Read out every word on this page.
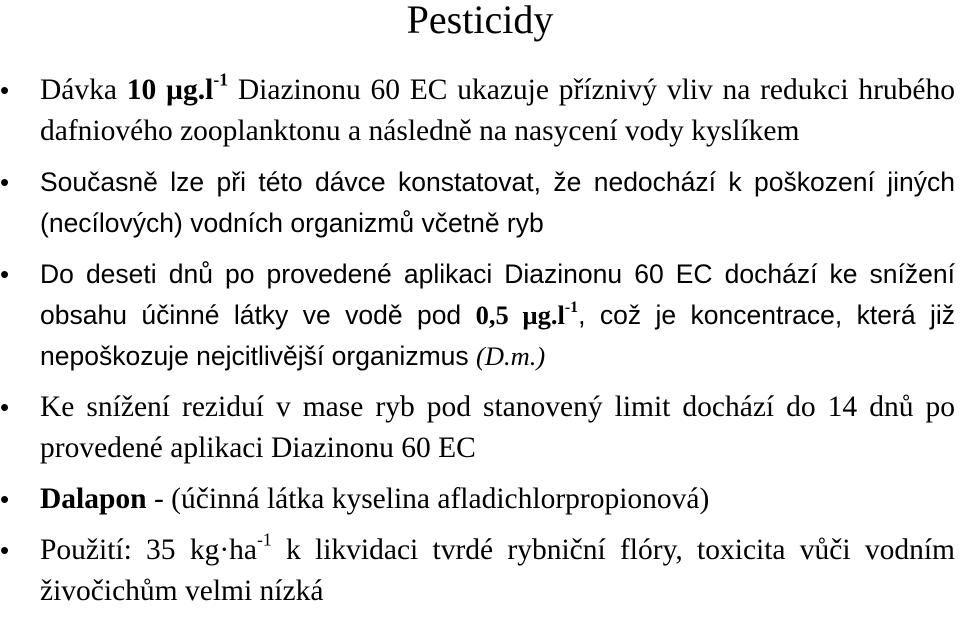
Pesticidy
• Dávka 10 $\mu g.l^{-1}$ Diazinonu 60 EC ukazuje příznivý vliv na redukci hrubého dafniového zooplanktonu a následně na nasycení vody kyslíkem
• Současně lze při této dávce konstatovat, že nedochází k poškození jiných (necílových) vodních organizmů včetně ryb
• Do deseti dnů po provedené aplikaci Diazinonu 60 EC dochází ke snížení obsahu účinné látky ve vodě pod 0,5 $\mu g.l^{-1}$, což je koncentrace, která již nepoškozuje nejcitlivější organizmus (D.m.)
• Ke snížení reziduí v mase ryb pod stanovený limit dochází do 14 dnů po provedené aplikaci Diazinonu 60 EC
• Dalapon - (účinná látka kyselina afladichlorpropionová)
• Použití: 35 $kg\cdot ha^{-1}$ k likvidaci tvrdé rybniční flóry, toxicita vůči vodním živočichům velmi nízká
